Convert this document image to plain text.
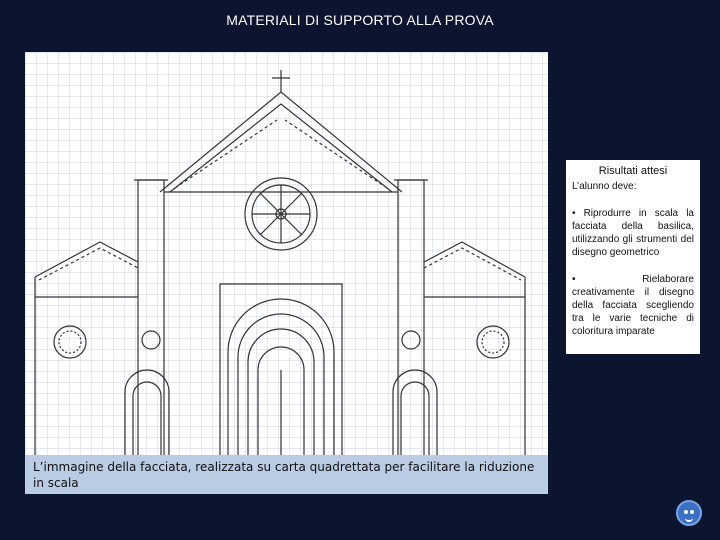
MATERIALI DI SUPPORTO ALLA PROVA
L’immagine della facciata, realizzata su carta quadrettata per facilitare la riduzione in scala
Risultati attesi
L’alunno deve:
• Riprodurre in scala la facciata della basilica, utilizzando gli strumenti del disegno geometrico
• Rielaborare creativamente il disegno della facciata scegliendo tra le varie tecniche di coloritura imparate
